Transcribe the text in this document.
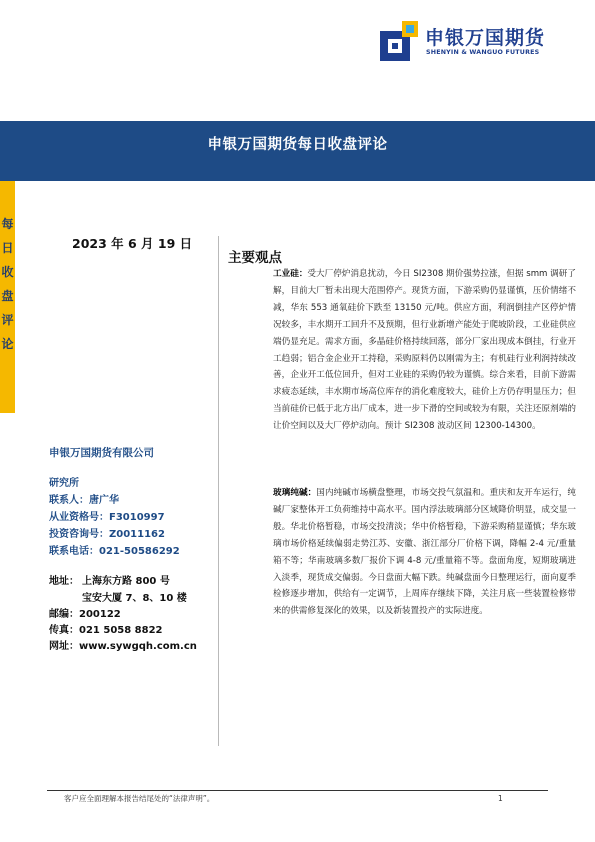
申银万国期货
SHENYIN & WANGUO FUTURES
申银万国期货每日收盘评论
每
日
收
盘
评
论
2023 年 6 月 19 日
主要观点
申银万国期货有限公司
研究所
联系人：唐广华
从业资格号：F3010997
投资咨询号：Z0011162
联系电话：021-50586292
地址： 上海东方路 800 号
宝安大厦 7、8、10 楼
邮编：200122
传真：021 5058 8822
网址：www.sywgqh.com.cn
工业硅：受大厂停炉消息扰动，今日 SI2308 期价强势拉涨，但据 smm 调研了解，目前大厂暂未出现大范围停产。现货方面，下游采购仍显谨慎，压价情绪不减，华东 553 通氧硅价下跌至 13150 元/吨。供应方面，利润倒挂产区停炉情况较多，丰水期开工回升不及预期，但行业新增产能处于爬坡阶段，工业硅供应端仍显充足。需求方面，多晶硅价格持续回落，部分厂家出现成本倒挂，行业开工趋弱；铝合金企业开工持稳，采购原料仍以刚需为主；有机硅行业利润持续改善，企业开工低位回升，但对工业硅的采购仍较为谨慎。综合来看，目前下游需求疲态延续，丰水期市场高位库存的消化难度较大，硅价上方仍存明显压力；但当前硅价已低于北方出厂成本，进一步下滑的空间或较为有限，关注还原剂端的让价空间以及大厂停炉动向。预计 SI2308 波动区间 12300-14300。
玻璃纯碱：国内纯碱市场横盘整理，市场交投气氛温和。重庆和友开车运行，纯碱厂家整体开工负荷维持中高水平。国内浮法玻璃部分区域降价明显，成交显一般。华北价格暂稳，市场交投清淡；华中价格暂稳，下游采购稍显谨慎；华东玻璃市场价格延续偏弱走势江苏、安徽、浙江部分厂价格下调，降幅 2-4 元/重量箱不等；华南玻璃多数厂报价下调 4-8 元/重量箱不等。盘面角度，短期玻璃进入淡季，现货成交偏弱。今日盘面大幅下跌。纯碱盘面今日整理运行，面向夏季检修逐步增加，供给有一定调节，上周库存继续下降，关注月底一些装置检修带来的供需修复深化的效果，以及新装置投产的实际进度。
客户应全面理解本报告结尾处的“法律声明”。	1
